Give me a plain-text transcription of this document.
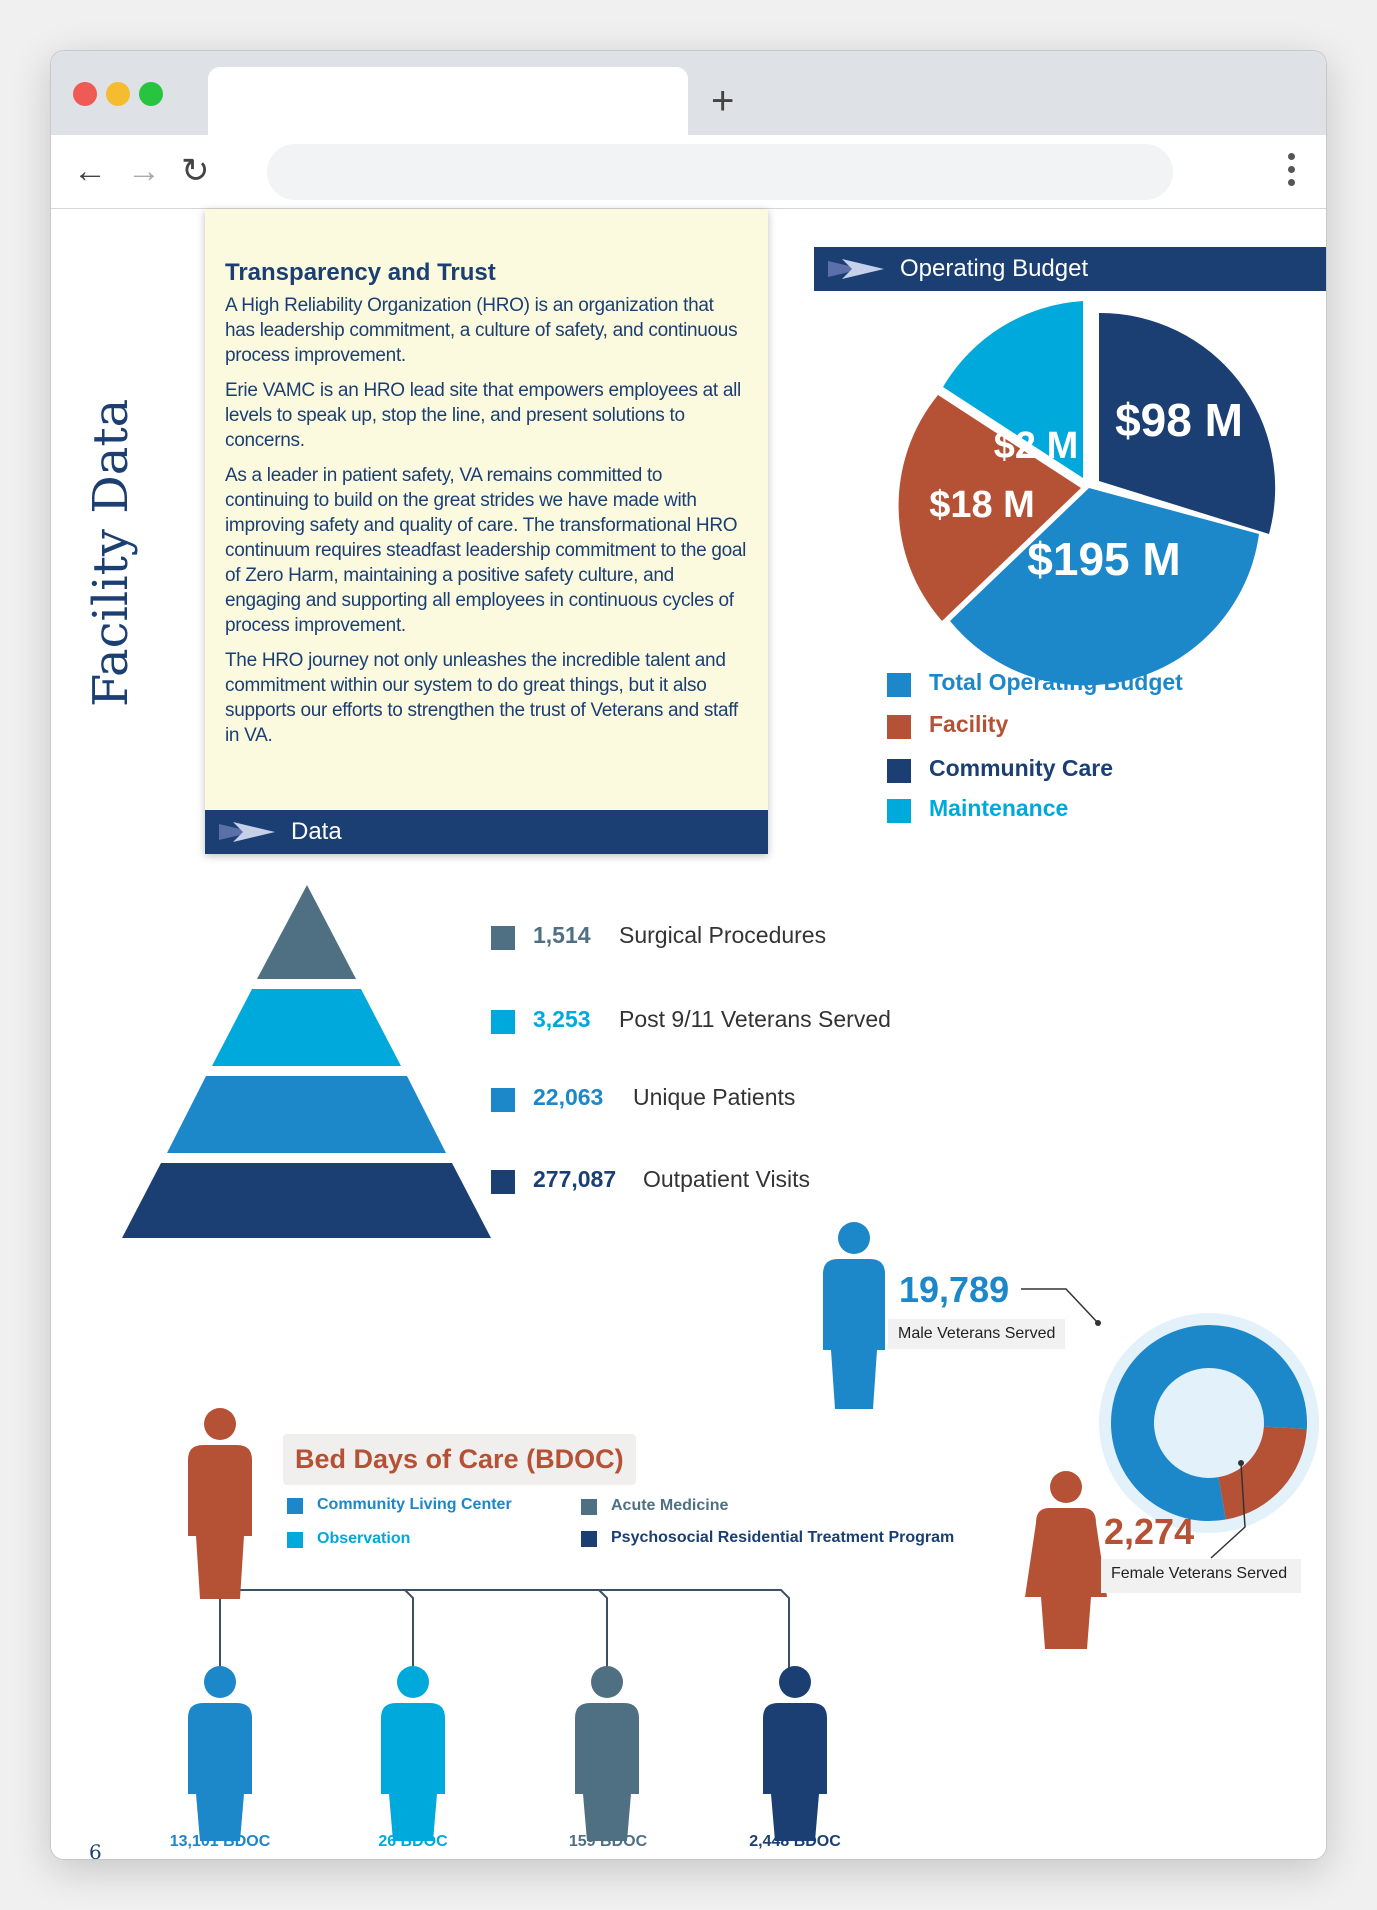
+
← → ↻
Facility Data
Transparency and Trust

A High Reliability Organization (HRO) is an organization that has leadership commitment, a culture of safety, and continuous process improvement.

Erie VAMC is an HRO lead site that empowers employees at all levels to speak up, stop the line, and present solutions to concerns.

As a leader in patient safety, VA remains committed to continuing to build on the great strides we have made with improving safety and quality of care. The transformational HRO continuum requires steadfast leadership commitment to the goal of Zero Harm, maintaining a positive safety culture, and engaging and supporting all employees in continuous cycles of process improvement.

The HRO journey not only unleashes the incredible talent and commitment within our system to do great things, but it also supports our efforts to strengthen the trust of Veterans and staff in VA.

Data
Operating Budget
$98 M
$2 M
$18 M
$195 M
Total Operating Budget
Facility
Community Care
Maintenance
1,514 Surgical Procedures
3,253 Post 9/11 Veterans Served
22,063 Unique Patients
277,087 Outpatient Visits
19,789
Male Veterans Served
2,274
Female Veterans Served
Bed Days of Care (BDOC)
Community Living Center
Observation
Acute Medicine
Psychosocial Residential Treatment Program
13,101 BDOC	26 BDOC	159 BDOC	2,448 BDOC
6
